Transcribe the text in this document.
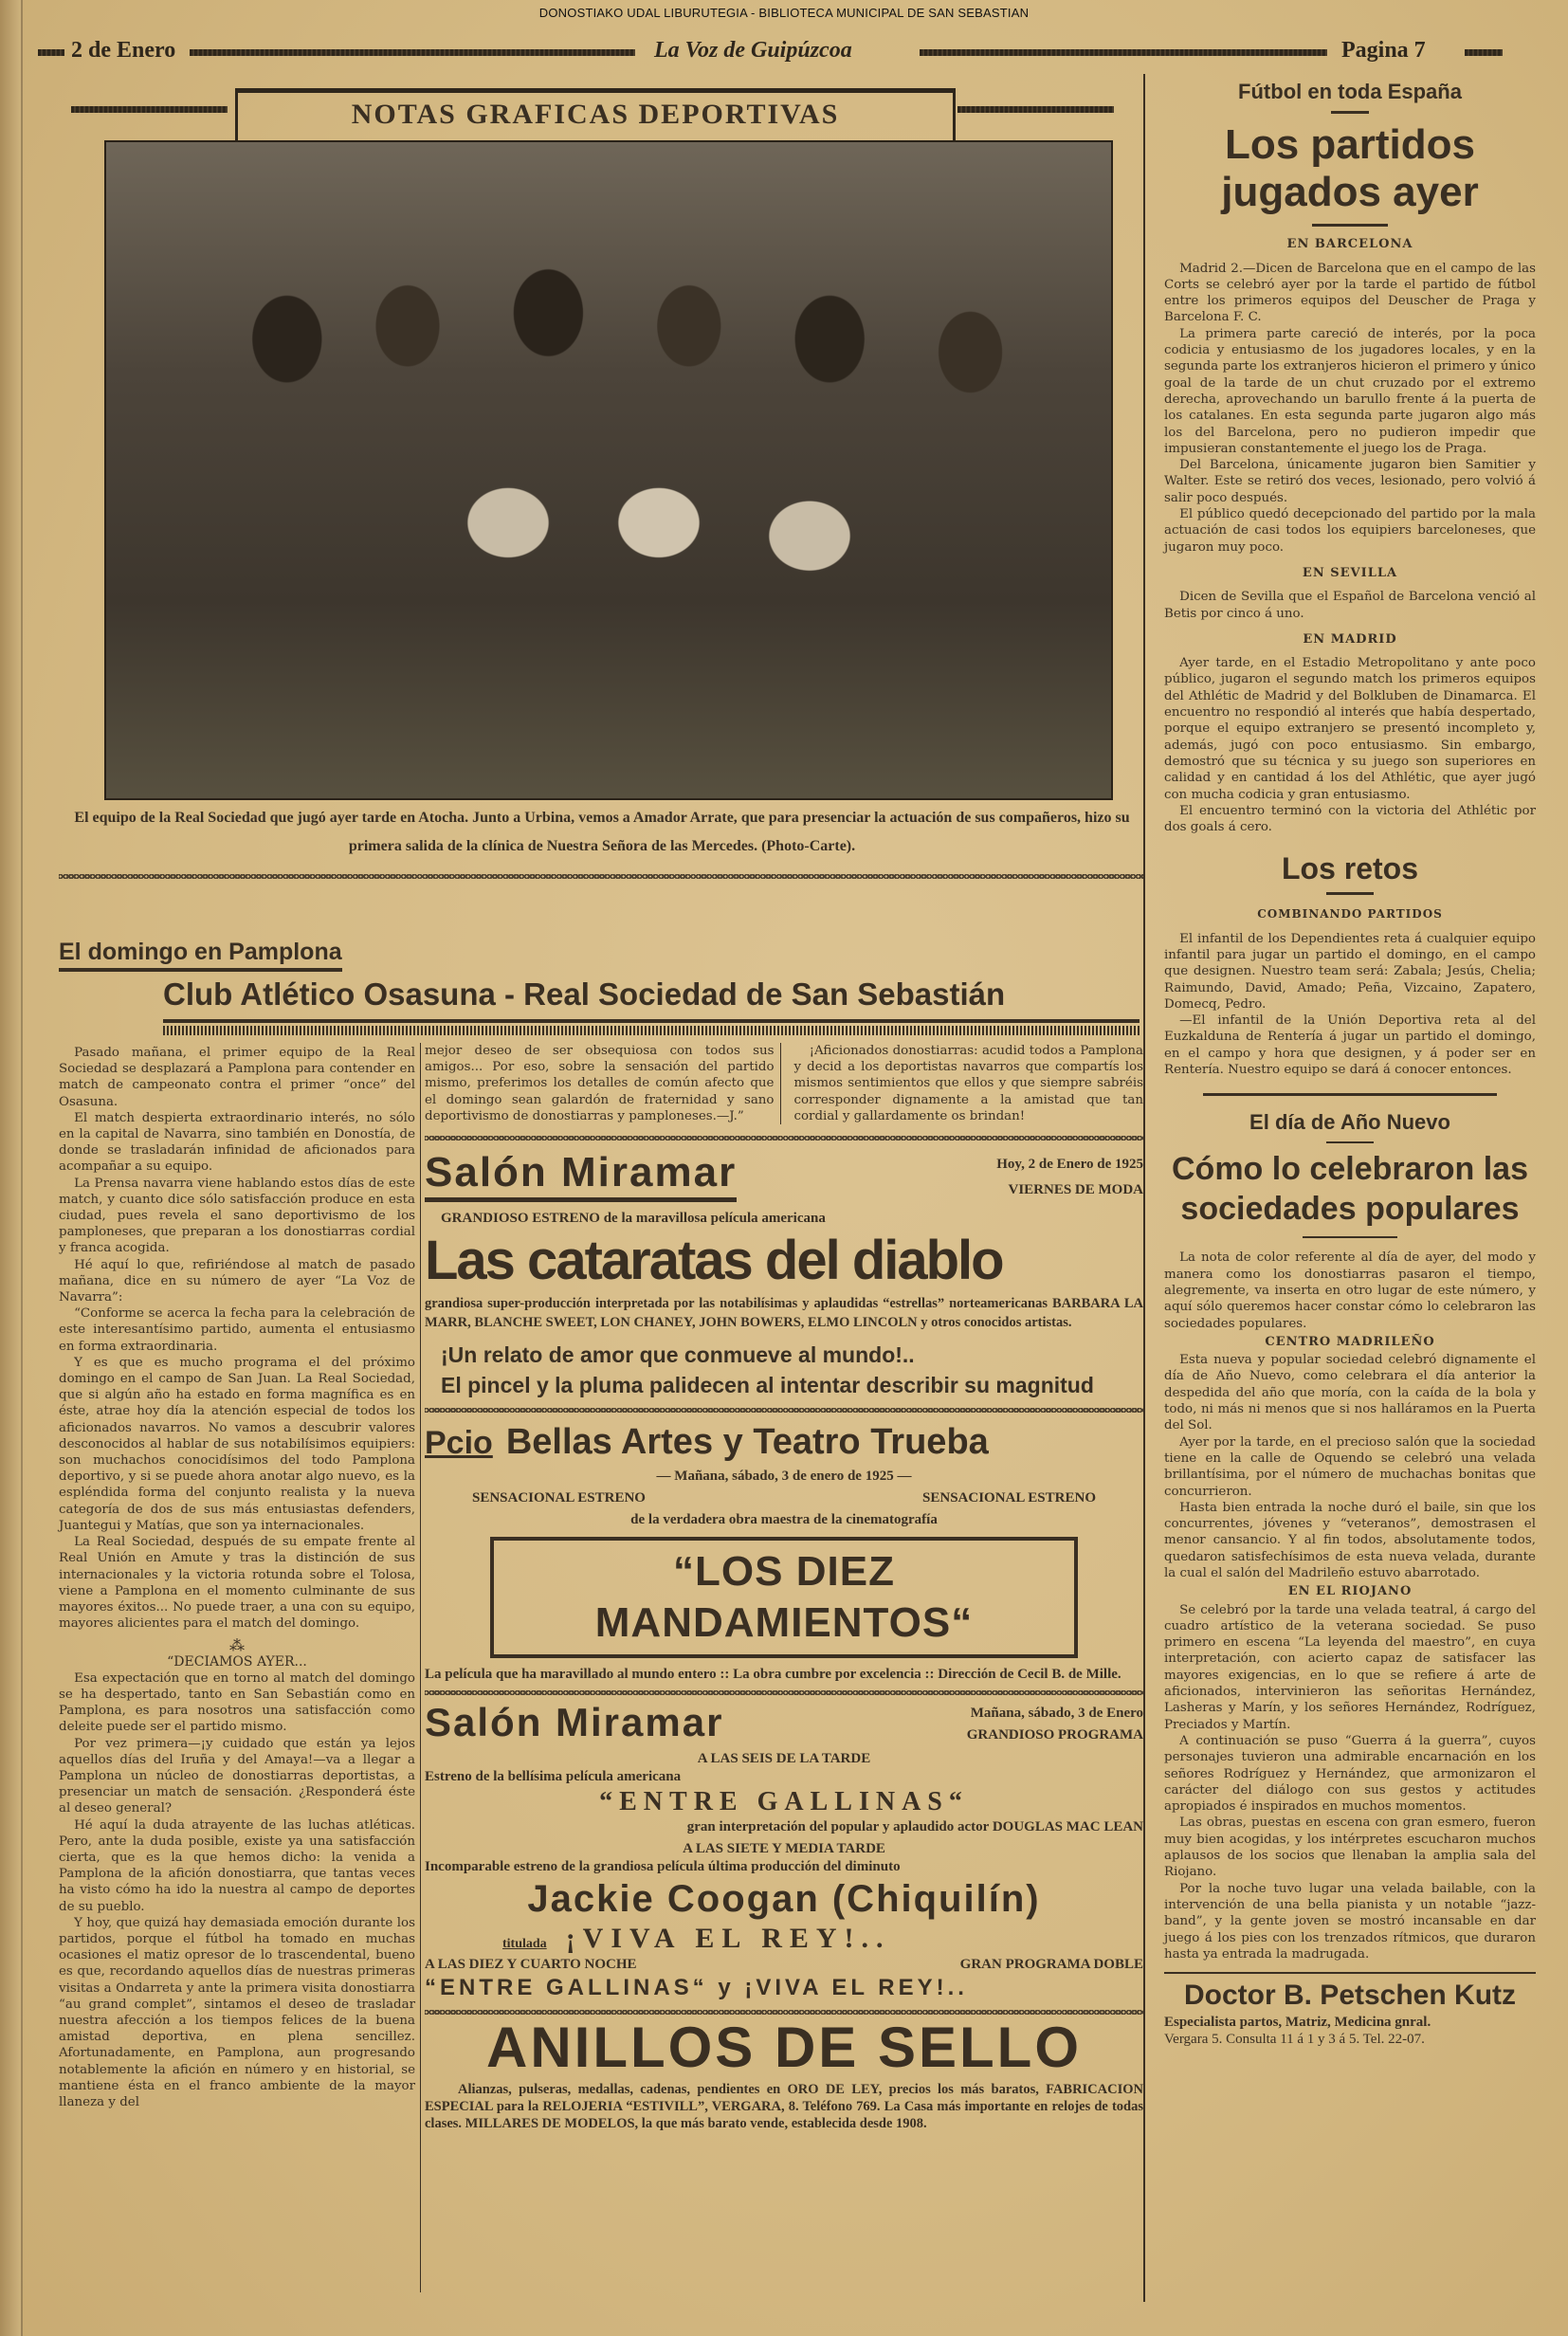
DONOSTIAKO UDAL LIBURUTEGIA - BIBLIOTECA MUNICIPAL DE SAN SEBASTIAN
2 de Enero	La Voz de Guipúzcoa	Pagina 7
NOTAS GRAFICAS DEPORTIVAS
El equipo de la Real Sociedad que jugó ayer tarde en Atocha. Junto a Urbina, vemos a Amador Arrate, que para presenciar la actuación de sus compañeros, hizo su primera salida de la clínica de Nuestra Señora de las Mercedes. (Photo-Carte).
El domingo en Pamplona
Club Atlético Osasuna - Real Sociedad de San Sebastián

Pasado mañana, el primer equipo de la Real Sociedad se desplazará a Pamplona para contender en match de campeonato contra el primer “once” del Osasuna.

El match despierta extraordinario interés, no sólo en la capital de Navarra, sino también en Donostía, de donde se trasladarán infinidad de aficionados para acompañar a su equipo.

La Prensa navarra viene hablando estos días de este match, y cuanto dice sólo satisfacción produce en esta ciudad, pues revela el sano deportivismo de los pamploneses, que preparan a los donostiarras cordial y franca acogida.

Hé aquí lo que, refiriéndose al match de pasado mañana, dice en su número de ayer “La Voz de Navarra”:

“Conforme se acerca la fecha para la celebración de este interesantísimo partido, aumenta el entusiasmo en forma extraordinaria.

Y es que es mucho programa el del próximo domingo en el campo de San Juan. La Real Sociedad, que si algún año ha estado en forma magnífica es en éste, atrae hoy día la atención especial de todos los aficionados navarros. No vamos a descubrir valores desconocidos al hablar de sus notabilísimos equipiers: son muchachos conocidísimos del todo Pamplona deportivo, y si se puede ahora anotar algo nuevo, es la espléndida forma del conjunto realista y la nueva categoría de dos de sus más entusiastas defenders, Juantegui y Matías, que son ya internacionales.

La Real Sociedad, después de su empate frente al Real Unión en Amute y tras la distinción de sus internacionales y la victoria rotunda sobre el Tolosa, viene a Pamplona en el momento culminante de sus mayores éxitos... No puede traer, a una con su equipo, mayores alicientes para el match del domingo.

⁂
“DECIAMOS AYER...

Esa expectación que en torno al match del domingo se ha despertado, tanto en San Sebastián como en Pamplona, es para nosotros una satisfacción como deleite puede ser el partido mismo.

Por vez primera—¡y cuidado que están ya lejos aquellos días del Iruña y del Amaya!—va a llegar a Pamplona un núcleo de donostiarras deportistas, a presenciar un match de sensación. ¿Responderá éste al deseo general?

Hé aquí la duda atrayente de las luchas atléticas. Pero, ante la duda posible, existe ya una satisfacción cierta, que es la que hemos dicho: la venida a Pamplona de la afición donostiarra, que tantas veces ha visto cómo ha ido la nuestra al campo de deportes de su pueblo.

Y hoy, que quizá hay demasiada emoción durante los partidos, porque el fútbol ha tomado en muchas ocasiones el matiz opresor de lo trascendental, bueno es que, recordando aquellos días de nuestras primeras visitas a Ondarreta y ante la primera visita donostiarra “au grand complet”, sintamos el deseo de trasladar nuestra afección a los tiempos felices de la buena amistad deportiva, en plena sencillez. Afortunadamente, en Pamplona, aun progresando notablemente la afición en número y en historial, se mantiene ésta en el franco ambiente de la mayor llaneza y del

mejor deseo de ser obsequiosa con todos sus amigos... Por eso, sobre la sensación del partido mismo, preferimos los detalles de común afecto que el domingo sean galardón de fraternidad y sano deportivismo de donostiarras y pamploneses.—J.”

¡Aficionados donostiarras: acudid todos a Pamplona y decid a los deportistas navarros que compartís los mismos sentimientos que ellos y que siempre sabréis corresponder dignamente a la amistad que tan cordial y gallardamente os brindan!

Salón Miramar	Hoy, 2 de Enero de 1925
VIERNES DE MODA
GRANDIOSO ESTRENO de la maravillosa película americana
Las cataratas del diablo
grandiosa super-producción interpretada por las notabilísimas y aplaudidas “estrellas” norteamericanas BARBARA LA MARR, BLANCHE SWEET, LON CHANEY, JOHN BOWERS, ELMO LINCOLN y otros conocidos artistas.
¡Un relato de amor que conmueve al mundo!..
El pincel y la pluma palidecen al intentar describir su magnitud
Pcio Bellas Artes y Teatro Trueba
— Mañana, sábado, 3 de enero de 1925 —
SENSACIONAL ESTRENO	SENSACIONAL ESTRENO
de la verdadera obra maestra de la cinematografía
“LOS DIEZ MANDAMIENTOS“
La película que ha maravillado al mundo entero :: La obra cumbre por excelencia :: Dirección de Cecil B. de Mille.
Salón Miramar	Mañana, sábado, 3 de Enero
GRANDIOSO PROGRAMA
A LAS SEIS DE LA TARDE
Estreno de la bellísima película americana
“ENTRE GALLINAS“
gran interpretación del popular y aplaudido actor DOUGLAS MAC LEAN
A LAS SIETE Y MEDIA TARDE
Incomparable estreno de la grandiosa película última producción del diminuto
Jackie Coogan (Chiquilín)
titulada ¡VIVA EL REY!..
A LAS DIEZ Y CUARTO NOCHE	GRAN PROGRAMA DOBLE
“ENTRE GALLINAS“ y ¡VIVA EL REY!..
ANILLOS DE SELLO
Alianzas, pulseras, medallas, cadenas, pendientes en ORO DE LEY, precios los más baratos, FABRICACION ESPECIAL para la RELOJERIA “ESTIVILL”, VERGARA, 8. Teléfono 769. La Casa más importante en relojes de todas clases. MILLARES DE MODELOS, la que más barato vende, establecida desde 1908.
Fútbol en toda España
Los partidos jugados ayer
EN BARCELONA

Madrid 2.—Dicen de Barcelona que en el campo de las Corts se celebró ayer por la tarde el partido de fútbol entre los primeros equipos del Deuscher de Praga y Barcelona F. C.

La primera parte careció de interés, por la poca codicia y entusiasmo de los jugadores locales, y en la segunda parte los extranjeros hicieron el primero y único goal de la tarde de un chut cruzado por el extremo derecha, aprovechando un barullo frente á la puerta de los catalanes. En esta segunda parte jugaron algo más los del Barcelona, pero no pudieron impedir que impusieran constantemente el juego los de Praga.

Del Barcelona, únicamente jugaron bien Samitier y Walter. Este se retiró dos veces, lesionado, pero volvió á salir poco después.

El público quedó decepcionado del partido por la mala actuación de casi todos los equipiers barceloneses, que jugaron muy poco.

EN SEVILLA

Dicen de Sevilla que el Español de Barcelona venció al Betis por cinco á uno.

EN MADRID

Ayer tarde, en el Estadio Metropolitano y ante poco público, jugaron el segundo match los primeros equipos del Athlétic de Madrid y del Bolkluben de Dinamarca. El encuentro no respondió al interés que había despertado, porque el equipo extranjero se presentó incompleto y, además, jugó con poco entusiasmo. Sin embargo, demostró que su técnica y su juego son superiores en calidad y en cantidad á los del Athlétic, que ayer jugó con mucha codicia y gran entusiasmo.

El encuentro terminó con la victoria del Athlétic por dos goals á cero.

Los retos
COMBINANDO PARTIDOS

El infantil de los Dependientes reta á cualquier equipo infantil para jugar un partido el domingo, en el campo que designen. Nuestro team será: Zabala; Jesús, Chelia; Raimundo, David, Amado; Peña, Vizcaino, Zapatero, Domecq, Pedro.

—El infantil de la Unión Deportiva reta al del Euzkalduna de Rentería á jugar un partido el domingo, en el campo y hora que designen, y á poder ser en Rentería. Nuestro equipo se dará á conocer entonces.

El día de Año Nuevo
Cómo lo celebraron las sociedades populares

La nota de color referente al día de ayer, del modo y manera como los donostiarras pasaron el tiempo, alegremente, va inserta en otro lugar de este número, y aquí sólo queremos hacer constar cómo lo celebraron las sociedades populares.

CENTRO MADRILEÑO

Esta nueva y popular sociedad celebró dignamente el día de Año Nuevo, como celebrara el día anterior la despedida del año que moría, con la caída de la bola y todo, ni más ni menos que si nos halláramos en la Puerta del Sol.

Ayer por la tarde, en el precioso salón que la sociedad tiene en la calle de Oquendo se celebró una velada brillantísima, por el número de muchachas bonitas que concurrieron.

Hasta bien entrada la noche duró el baile, sin que los concurrentes, jóvenes y “veteranos”, demostrasen el menor cansancio. Y al fin todos, absolutamente todos, quedaron satisfechísimos de esta nueva velada, durante la cual el salón del Madrileño estuvo abarrotado.

EN EL RIOJANO

Se celebró por la tarde una velada teatral, á cargo del cuadro artístico de la veterana sociedad. Se puso primero en escena “La leyenda del maestro”, en cuya interpretación, con acierto capaz de satisfacer las mayores exigencias, en lo que se refiere á arte de aficionados, intervinieron las señoritas Hernández, Lasheras y Marín, y los señores Hernández, Rodríguez, Preciados y Martín.

A continuación se puso “Guerra á la guerra”, cuyos personajes tuvieron una admirable encarnación en los señores Rodríguez y Hernández, que armonizaron el carácter del diálogo con sus gestos y actitudes apropiados é inspirados en muchos momentos.

Las obras, puestas en escena con gran esmero, fueron muy bien acogidas, y los intérpretes escucharon muchos aplausos de los socios que llenaban la amplia sala del Riojano.

Por la noche tuvo lugar una velada bailable, con la intervención de una bella pianista y un notable “jazz-band”, y la gente joven se mostró incansable en dar juego á los pies con los trenzados rítmicos, que duraron hasta ya entrada la madrugada.

Doctor B. Petschen Kutz
Especialista partos, Matriz, Medicina gnral.
Vergara 5. Consulta 11 á 1 y 3 á 5. Tel. 22-07.
